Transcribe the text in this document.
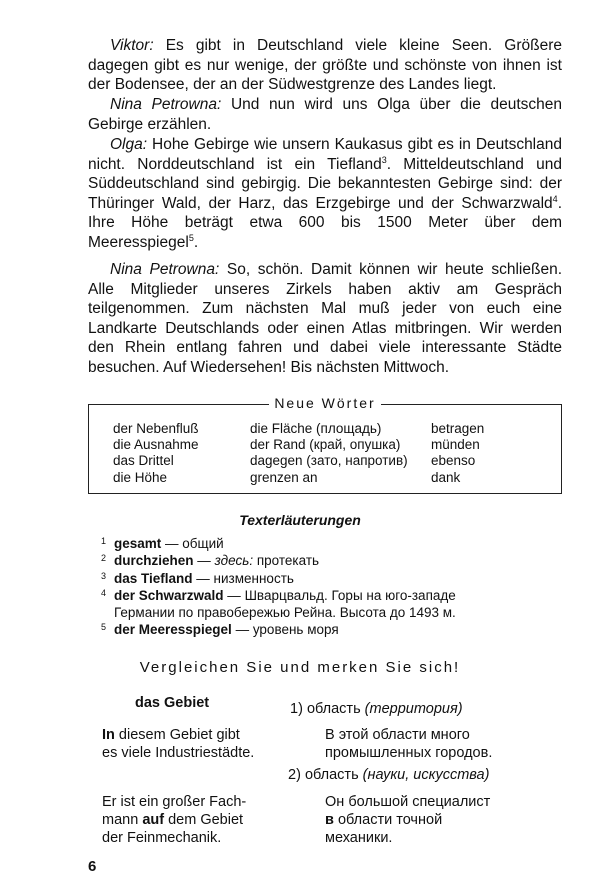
Viktor: Es gibt in Deutschland viele kleine Seen. Größere dagegen gibt es nur wenige, der größte und schönste von ihnen ist der Bodensee, der an der Südwestgrenze des Landes liegt.

Nina Petrowna: Und nun wird uns Olga über die deutschen Gebirge erzählen.

Olga: Hohe Gebirge wie unsern Kaukasus gibt es in Deutschland nicht. Norddeutschland ist ein Tiefland$^3$. Mitteldeutschland und Süddeutschland sind gebirgig. Die bekanntesten Gebirge sind: der Thüringer Wald, der Harz, das Erzgebirge und der Schwarzwald$^4$. Ihre Höhe beträgt etwa 600 bis 1500 Meter über dem Meeresspiegel$^5$.

Nina Petrowna: So, schön. Damit können wir heute schließen. Alle Mitglieder unseres Zirkels haben aktiv am Gespräch teilgenommen. Zum nächsten Mal muß jeder von euch eine Landkarte Deutschlands oder einen Atlas mitbringen. Wir werden den Rhein entlang fahren und dabei viele interessante Städte besuchen. Auf Wiedersehen! Bis nächsten Mittwoch.

Neue Wörter
der Nebenfluß
die Ausnahme
das Drittel
die Höhe
die Fläche (площадь)
der Rand (край, опушка)
dagegen (зато, напротив)
grenzen an
betragen
münden
ebenso
dank
Texterläuterungen
1 gesamt — общий
2 durchziehen — здесь: протекать
3 das Tiefland — низменность
4 der Schwarzwald — Шварцвальд. Горы на юго-западе
Германии по правобережью Рейна. Высота до 1493 м.
5 der Meeresspiegel — уровень моря
Vergleichen Sie und merken Sie sich!
das Gebiet	1) область (территория)
In diesem Gebiet gibt
es viele Industriestädte.
В этой области много
промышленных городов.
2) область (науки, искусства)
Er ist ein großer Fach-
mann auf dem Gebiet
der Feinmechanik.
Он большой специалист
в области точной
механики.
6
